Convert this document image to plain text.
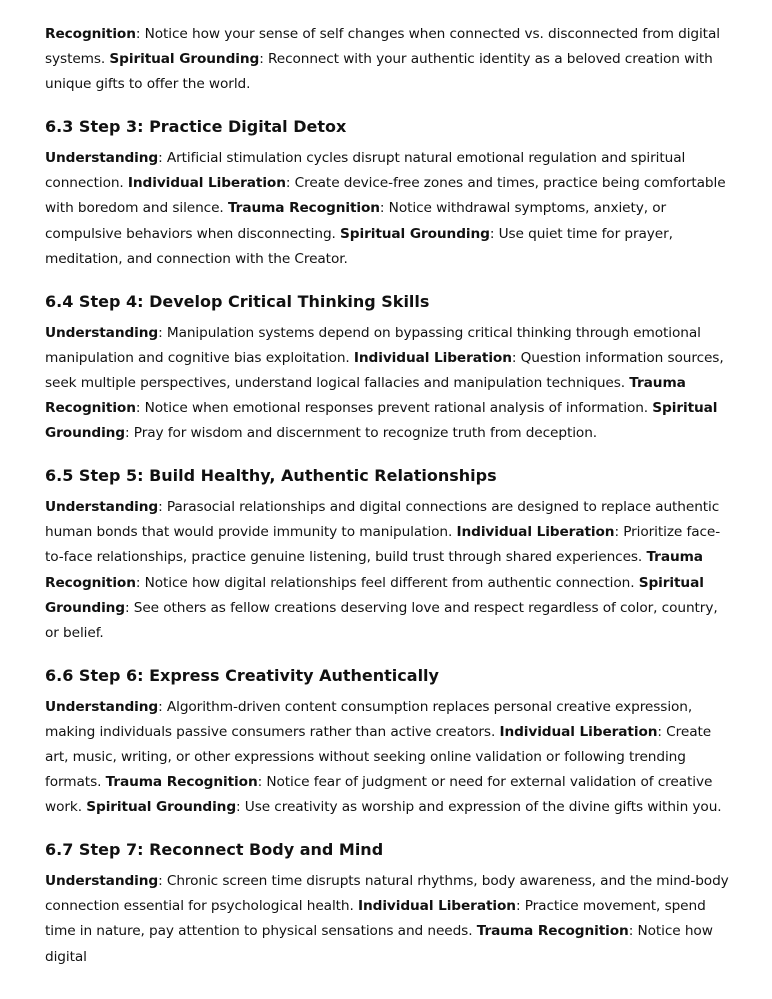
Recognition: Notice how your sense of self changes when connected vs. disconnected from digital systems. Spiritual Grounding: Reconnect with your authentic identity as a beloved creation with unique gifts to offer the world.

6.3 Step 3: Practice Digital Detox

Understanding: Artificial stimulation cycles disrupt natural emotional regulation and spiritual connection. Individual Liberation: Create device-free zones and times, practice being comfortable with boredom and silence. Trauma Recognition: Notice withdrawal symptoms, anxiety, or compulsive behaviors when disconnecting. Spiritual Grounding: Use quiet time for prayer, meditation, and connection with the Creator.

6.4 Step 4: Develop Critical Thinking Skills

Understanding: Manipulation systems depend on bypassing critical thinking through emotional manipulation and cognitive bias exploitation. Individual Liberation: Question information sources, seek multiple perspectives, understand logical fallacies and manipulation techniques. Trauma Recognition: Notice when emotional responses prevent rational analysis of information. Spiritual Grounding: Pray for wisdom and discernment to recognize truth from deception.

6.5 Step 5: Build Healthy, Authentic Relationships

Understanding: Parasocial relationships and digital connections are designed to replace authentic human bonds that would provide immunity to manipulation. Individual Liberation: Prioritize face-to-face relationships, practice genuine listening, build trust through shared experiences. Trauma Recognition: Notice how digital relationships feel different from authentic connection. Spiritual Grounding: See others as fellow creations deserving love and respect regardless of color, country, or belief.

6.6 Step 6: Express Creativity Authentically

Understanding: Algorithm-driven content consumption replaces personal creative expression, making individuals passive consumers rather than active creators. Individual Liberation: Create art, music, writing, or other expressions without seeking online validation or following trending formats. Trauma Recognition: Notice fear of judgment or need for external validation of creative work. Spiritual Grounding: Use creativity as worship and expression of the divine gifts within you.

6.7 Step 7: Reconnect Body and Mind

Understanding: Chronic screen time disrupts natural rhythms, body awareness, and the mind-body connection essential for psychological health. Individual Liberation: Practice movement, spend time in nature, pay attention to physical sensations and needs. Trauma Recognition: Notice how digital
